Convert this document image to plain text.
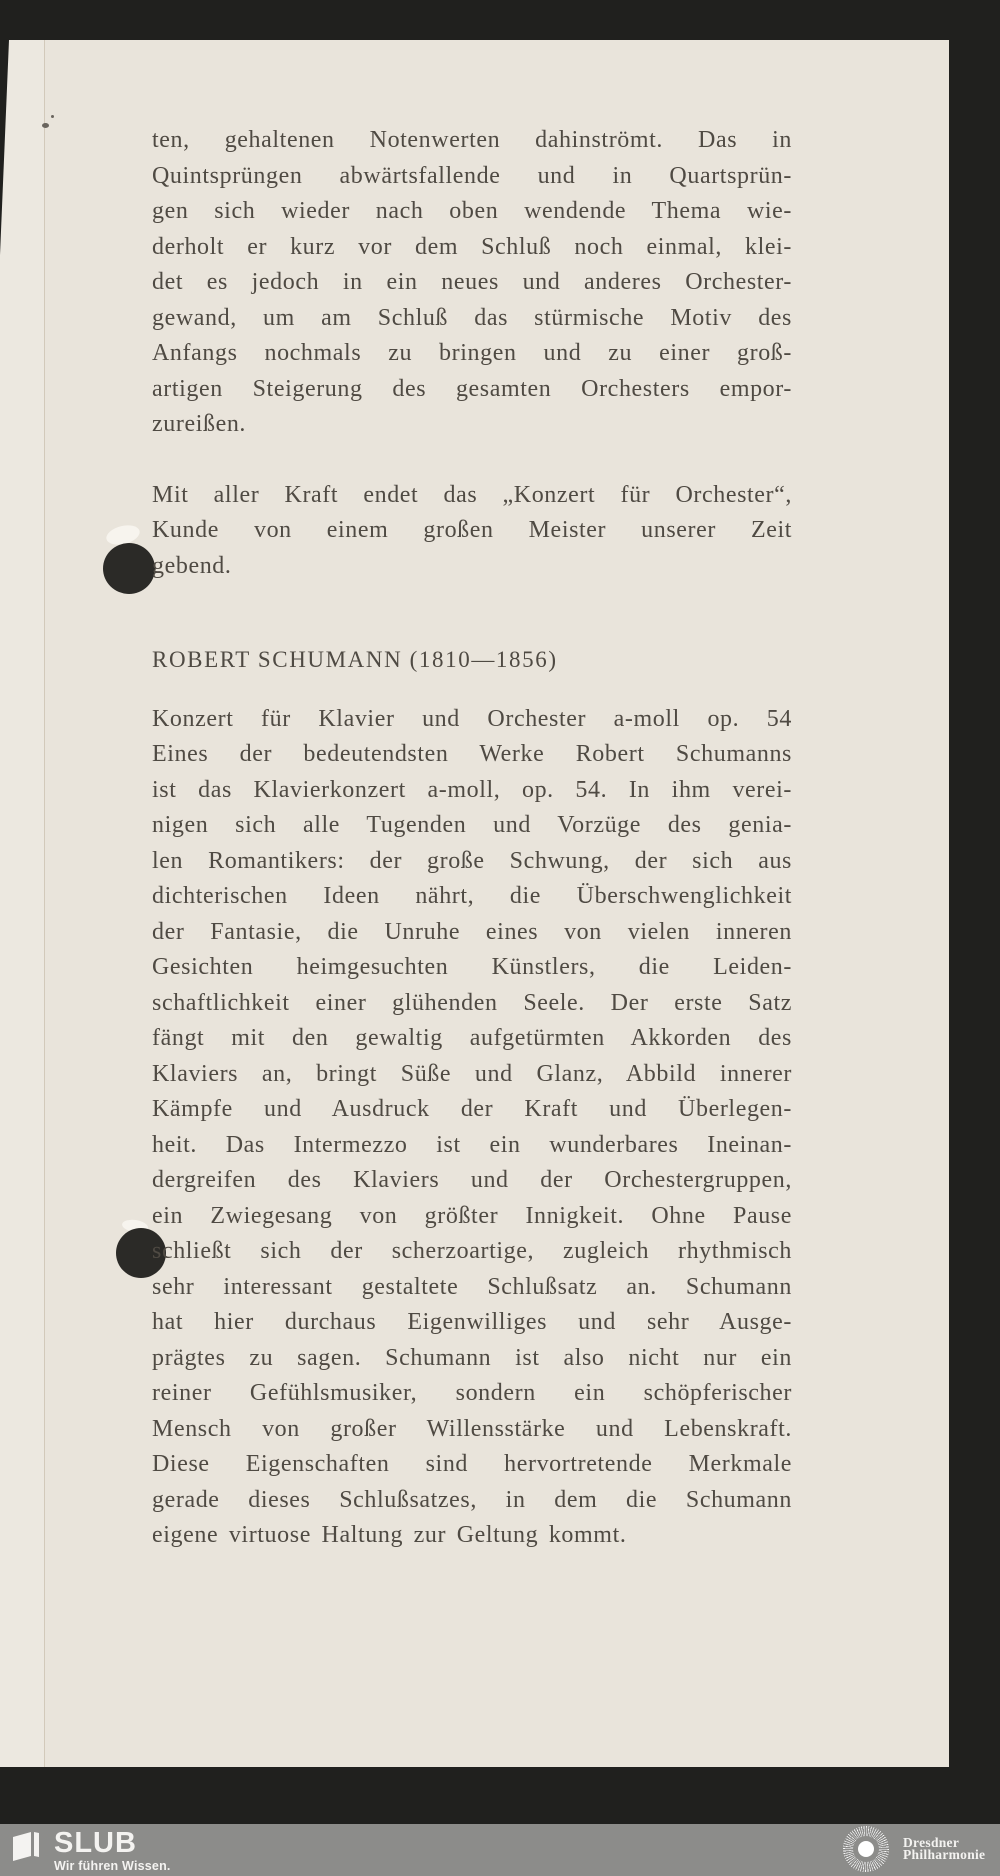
ten, gehaltenen Notenwerten dahinströmt. Das in
Quintsprüngen abwärtsfallende und in Quartsprün-
gen sich wieder nach oben wendende Thema wie-
derholt er kurz vor dem Schluß noch einmal, klei-
det es jedoch in ein neues und anderes Orchester-
gewand, um am Schluß das stürmische Motiv des
Anfangs nochmals zu bringen und zu einer groß-
artigen Steigerung des gesamten Orchesters empor-
zureißen.
Mit aller Kraft endet das „Konzert für Orchester“,
Kunde von einem großen Meister unserer Zeit
gebend.
ROBERT SCHUMANN (1810—1856)
Konzert für Klavier und Orchester a-moll op. 54
Eines der bedeutendsten Werke Robert Schumanns
ist das Klavierkonzert a-moll, op. 54. In ihm verei-
nigen sich alle Tugenden und Vorzüge des genia-
len Romantikers: der große Schwung, der sich aus
dichterischen Ideen nährt, die Überschwenglichkeit
der Fantasie, die Unruhe eines von vielen inneren
Gesichten heimgesuchten Künstlers, die Leiden-
schaftlichkeit einer glühenden Seele. Der erste Satz
fängt mit den gewaltig aufgetürmten Akkorden des
Klaviers an, bringt Süße und Glanz, Abbild innerer
Kämpfe und Ausdruck der Kraft und Überlegen-
heit. Das Intermezzo ist ein wunderbares Ineinan-
dergreifen des Klaviers und der Orchestergruppen,
ein Zwiegesang von größter Innigkeit. Ohne Pause
schließt sich der scherzoartige, zugleich rhythmisch
sehr interessant gestaltete Schlußsatz an. Schumann
hat hier durchaus Eigenwilliges und sehr Ausge-
prägtes zu sagen. Schumann ist also nicht nur ein
reiner Gefühlsmusiker, sondern ein schöpferischer
Mensch von großer Willensstärke und Lebenskraft.
Diese Eigenschaften sind hervortretende Merkmale
gerade dieses Schlußsatzes, in dem die Schumann
eigene virtuose Haltung zur Geltung kommt.
SLUB
Wir führen Wissen.
Dresdner
Philharmonie
